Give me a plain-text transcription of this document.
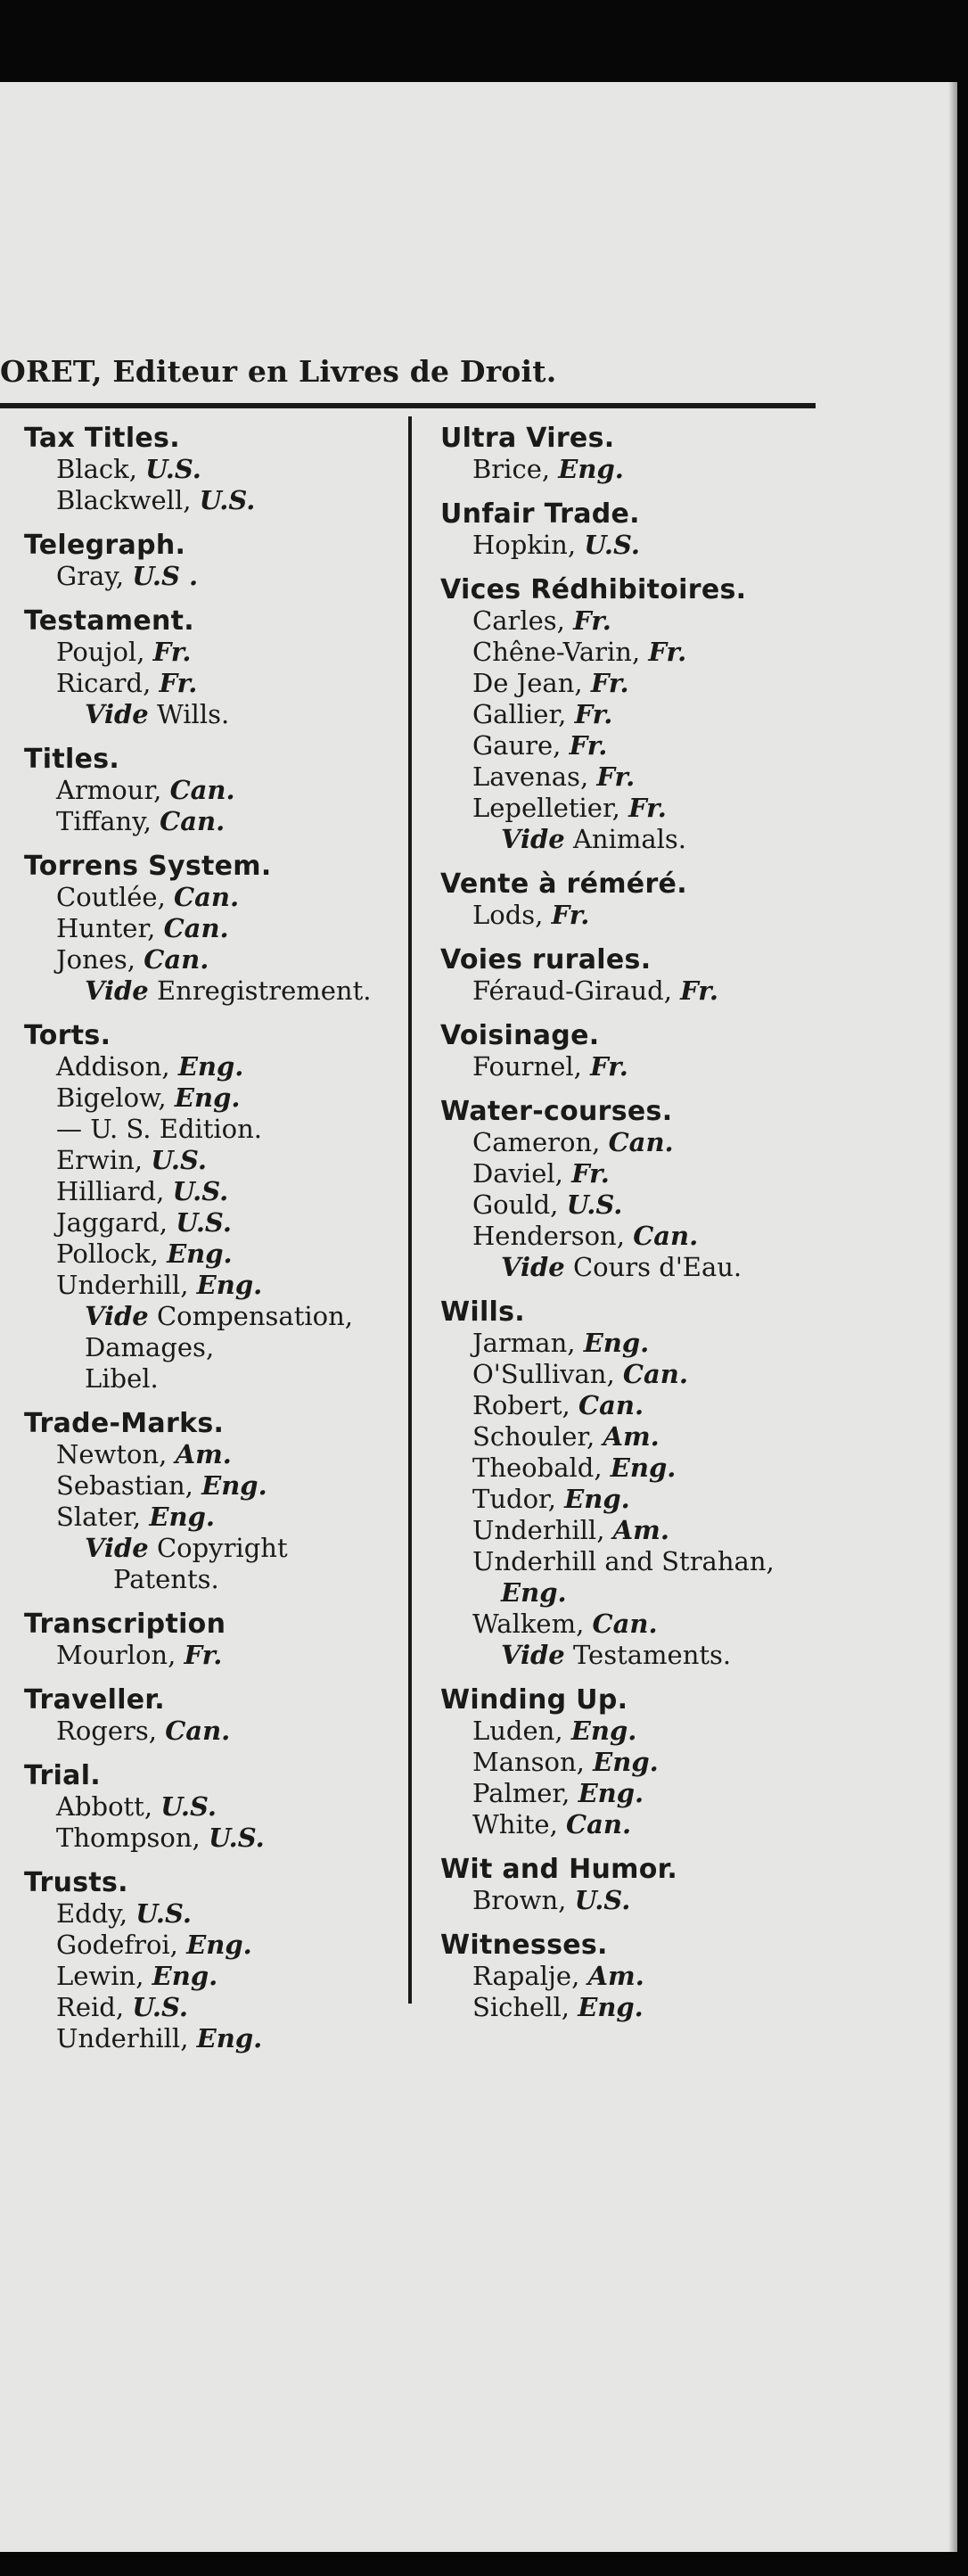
ORET, Editeur en Livres de Droit.
Tax Titles.
Black, U.S.
Blackwell, U.S.
Telegraph.
Gray, U.S .
Testament.
Poujol, Fr.
Ricard, Fr.
Vide Wills.
Titles.
Armour, Can.
Tiffany, Can.
Torrens System.
Coutlée, Can.
Hunter, Can.
Jones, Can.
Vide Enregistrement.
Torts.
Addison, Eng.
Bigelow, Eng.
— U. S. Edition.
Erwin, U.S.
Hilliard, U.S.
Jaggard, U.S.
Pollock, Eng.
Underhill, Eng.
Vide Compensation,
Damages,
Libel.
Trade-Marks.
Newton, Am.
Sebastian, Eng.
Slater, Eng.
Vide Copyright
Patents.
Transcription
Mourlon, Fr.
Traveller.
Rogers, Can.
Trial.
Abbott, U.S.
Thompson, U.S.
Trusts.
Eddy, U.S.
Godefroi, Eng.
Lewin, Eng.
Reid, U.S.
Underhill, Eng.
Ultra Vires.
Brice, Eng.
Unfair Trade.
Hopkin, U.S.
Vices Rédhibitoires.
Carles, Fr.
Chêne-Varin, Fr.
De Jean, Fr.
Gallier, Fr.
Gaure, Fr.
Lavenas, Fr.
Lepelletier, Fr.
Vide Animals.
Vente à réméré.
Lods, Fr.
Voies rurales.
Féraud-Giraud, Fr.
Voisinage.
Fournel, Fr.
Water-courses.
Cameron, Can.
Daviel, Fr.
Gould, U.S.
Henderson, Can.
Vide Cours d'Eau.
Wills.
Jarman, Eng.
O'Sullivan, Can.
Robert, Can.
Schouler, Am.
Theobald, Eng.
Tudor, Eng.
Underhill, Am.
Underhill and Strahan,
Eng.
Walkem, Can.
Vide Testaments.
Winding Up.
Luden, Eng.
Manson, Eng.
Palmer, Eng.
White, Can.
Wit and Humor.
Brown, U.S.
Witnesses.
Rapalje, Am.
Sichell, Eng.
